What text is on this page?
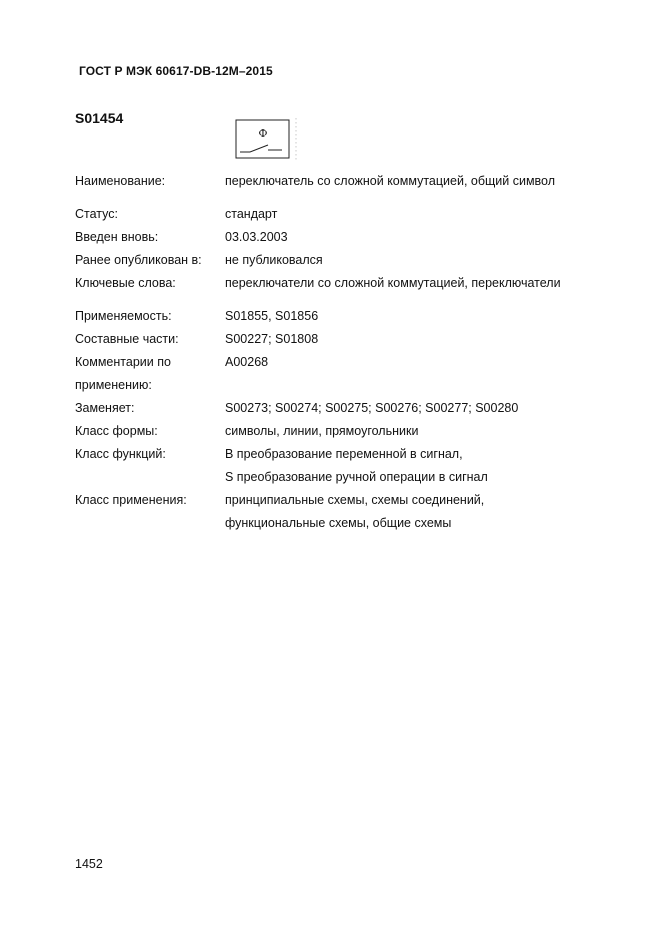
ГОСТ Р МЭК 60617-DB-12M–2015
S01454
Ф
Наименование:	переключатель со сложной коммутацией, общий символ
Статус:	стандарт
Введен вновь:	03.03.2003
Ранее опубликован в: не публиковался
Ключевые слова:	переключатели со сложной коммутацией, переключатели
Применяемость:	S01855, S01856
Составные части:	S00227; S01808
Комментарии по	A00268
применению:
Заменяет:	S00273; S00274; S00275; S00276; S00277; S00280
Класс формы:	символы, линии, прямоугольники
Класс функций:	B преобразование переменной в сигнал,
S преобразование ручной операции в сигнал
Класс применения:	принципиальные схемы, схемы соединений,
функциональные схемы, общие схемы
1452
